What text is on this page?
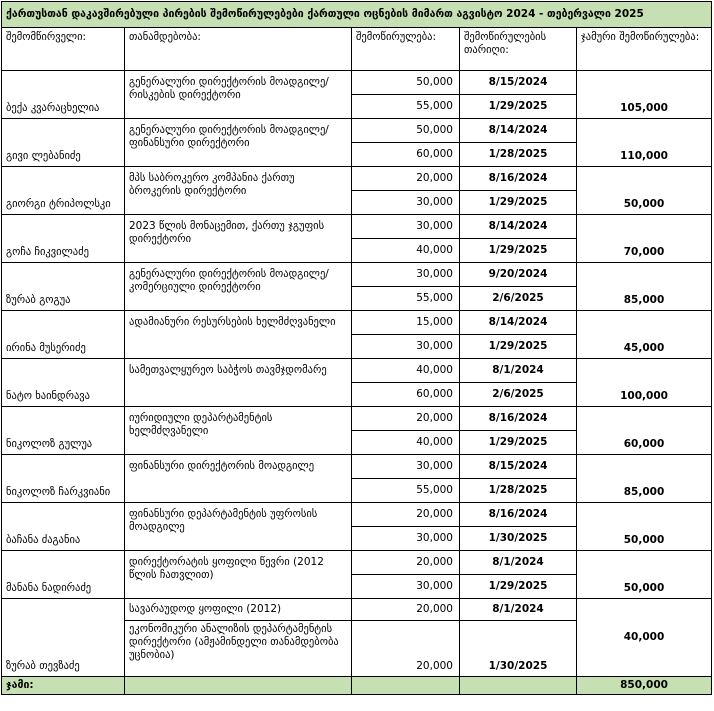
ქართუსთან დაკავშირებული პირების შემოწირულებები ქართული ოცნების მიმართ აგვისტო 2024 - თებერვალი 2025				
შემომწირველი:	თანამდებობა:	შემოწირულება:	შემოწირულების თარიღი:	ჯამური შემოწირულება:
ბექა კვარაცხელია	გენერალური დირექტორის მოადგილე/ რისკების დირექტორი	50,000	8/15/2024	105,000
		55,000	1/29/2025	
გივი ლებანიძე	გენერალური დირექტორის მოადგილე/ფინანსური დირექტორი	50,000	8/14/2024	110,000
		60,000	1/28/2025	
გიორგი ტრიპოლსკი	მპს საბროკერო კომპანია ქართუ ბროკერის დირექტორი	20,000	8/16/2024	50,000
		30,000	1/29/2025	
გოჩა ჩიკვილაძე	2023 წლის მონაცემით, ქართუ ჯგუფის დირექტორი	30,000	8/14/2024	70,000
		40,000	1/29/2025	
ზურაბ გოგუა	გენერალური დირექტორის მოადგილე/კომერციული დირექტორი	30,000	9/20/2024	85,000
		55,000	2/6/2025	
ირინა მუსერიძე	ადამიანური რესურსების ხელმძღვანელი	15,000	8/14/2024	45,000
		30,000	1/29/2025	
ნატო ხაინდრავა	სამეთვალყურეო საბჭოს თავმჯდომარე	40,000	8/1/2024	100,000
		60,000	2/6/2025	
ნიკოლოზ გულუა	იურიდიული დეპარტამენტის ხელმძღვანელი	20,000	8/16/2024	60,000
		40,000	1/29/2025	
ნიკოლოზ ჩარკვიანი	ფინანსური დირექტორის მოადგილე	30,000	8/15/2024	85,000
		55,000	1/28/2025	
ბაჩანა ძაგანია	ფინანსური დეპარტამენტის უფროსის მოადგილე	20,000	8/16/2024	50,000
		30,000	1/30/2025	
მანანა ნადირაძე	დირექტორატის ყოფილი წევრი (2012 წლის ჩათვლით)	20,000	8/1/2024	50,000
		30,000	1/29/2025	
ზურაბ თევზაძე	სავარაუდოდ ყოფილი (2012)	20,000	8/1/2024	40,000
	ეკონომიკური ანალიზის დეპარტამენტის დირექტორი (ამჟამინდელი თანამდებობა უცნობია)	20,000	1/30/2025	
ჯამი:				850,000
